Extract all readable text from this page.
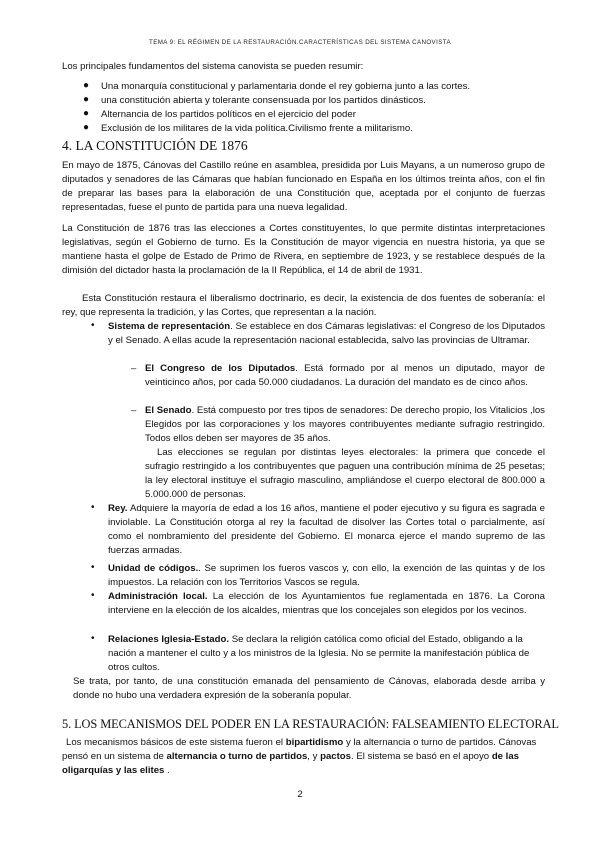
TEMA 9: EL RÉGIMEN DE LA RESTAURACIÓN.CARACTERÍSTICAS DEL SISTEMA CANOVISTA
Los principales fundamentos del sistema canovista se pueden resumir:
● Una monarquía constitucional y parlamentaria donde el rey gobierna junto a las cortes.
● una constitución abierta y tolerante consensuada por los partidos dinásticos.
● Alternancia de los partidos políticos en el ejercicio del poder
● Exclusión de los militares de la vida política.Civilismo frente a militarismo.
4. LA CONSTITUCIÓN DE 1876
En mayo de 1875, Cánovas del Castillo reúne en asamblea, presidida por Luis Mayans, a un numeroso grupo de diputados y senadores de las Cámaras que habían funcionado en España en los últimos treinta años, con el fin de preparar las bases para la elaboración de una Constitución que, aceptada por el conjunto de fuerzas representadas, fuese el punto de partida para una nueva legalidad.
La Constitución de 1876 tras las elecciones a Cortes constituyentes, lo que permite distintas interpretaciones legislativas, según el Gobierno de turno. Es la Constitución de mayor vigencia en nuestra historia, ya que se mantiene hasta el golpe de Estado de Primo de Rivera, en septiembre de 1923, y se restablece después de la dimisión del dictador hasta la proclamación de la II República, el 14 de abril de 1931.
Esta Constitución restaura el liberalismo doctrinario, es decir, la existencia de dos fuentes de soberanía: el rey, que representa la tradición, y las Cortes, que representan a la nación.
• Sistema de representación. Se establece en dos Cámaras legislativas: el Congreso de los Diputados y el Senado. A ellas acude la representación nacional establecida, salvo las provincias de Ultramar.
– El Congreso de los Diputados. Está formado por al menos un diputado, mayor de veinticinco años, por cada 50.000 ciudadanos. La duración del mandato es de cinco años.
– El Senado. Está compuesto por tres tipos de senadores: De derecho propio, los Vitalicios ,los Elegidos por las corporaciones y los mayores contribuyentes mediante sufragio restringido. Todos ellos deben ser mayores de 35 años.
Las elecciones se regulan por distintas leyes electorales: la primera que concede el sufragio restringido a los contribuyentes que paguen una contribución mínima de 25 pesetas; la ley electoral instituye el sufragio masculino, ampliándose el cuerpo electoral de 800.000 a 5.000.000 de personas.
• Rey. Adquiere la mayoría de edad a los 16 años, mantiene el poder ejecutivo y su figura es sagrada e inviolable. La Constitución otorga al rey la facultad de disolver las Cortes total o parcialmente, así como el nombramiento del presidente del Gobierno. El monarca ejerce el mando supremo de las fuerzas armadas.
• Unidad de códigos.. Se suprimen los fueros vascos y, con ello, la exención de las quintas y de los impuestos. La relación con los Territorios Vascos se regula.
• Administración local. La elección de los Ayuntamientos fue reglamentada en 1876. La Corona interviene en la elección de los alcaldes, mientras que los concejales son elegidos por los vecinos.
• Relaciones Iglesia-Estado. Se declara la religión católica como oficial del Estado, obligando a la nación a mantener el culto y a los ministros de la Iglesia. No se permite la manifestación pública de otros cultos.
Se trata, por tanto, de una constitución emanada del pensamiento de Cánovas, elaborada desde arriba y donde no hubo una verdadera expresión de la soberanía popular.
5. LOS MECANISMOS DEL PODER EN LA RESTAURACIÓN: FALSEAMIENTO ELECTORAL
Los mecanismos básicos de este sistema fueron el bipartidismo y la alternancia o turno de partidos. Cánovas pensó en un sistema de alternancia o turno de partidos, y pactos. El sistema se basó en el apoyo de las oligarquías y las elites .
2
